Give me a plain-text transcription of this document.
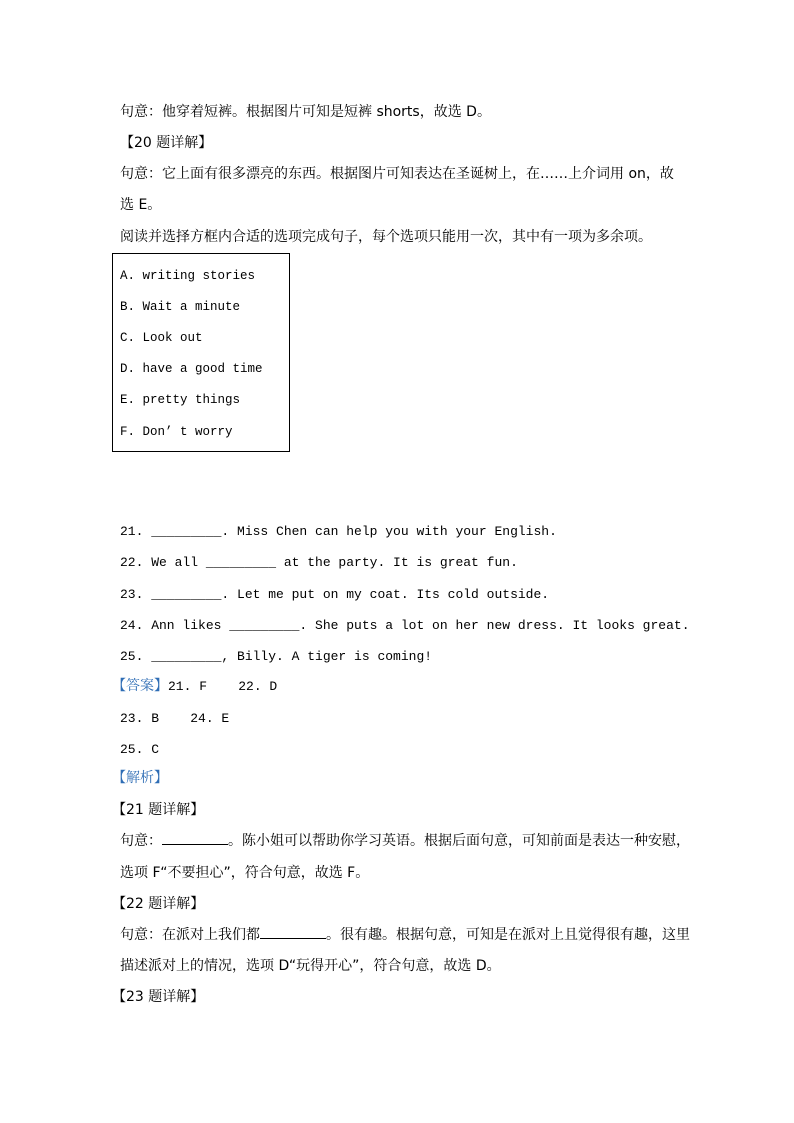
句意：他穿着短裤。根据图片可知是短裤 shorts，故选 D。
【20 题详解】
句意：它上面有很多漂亮的东西。根据图片可知表达在圣诞树上，在……上介词用 on，故
选 E。
阅读并选择方框内合适的选项完成句子，每个选项只能用一次，其中有一项为多余项。
A. writing stories
B. Wait a minute
C. Look out
D. have a good time
E. pretty things
F. Don’ t worry
21. _________. Miss Chen can help you with your English.
22. We all _________ at the party. It is great fun.
23. _________. Let me put on my coat. Its cold outside.
24. Ann likes _________. She puts a lot on her new dress. It looks great.
25. _________, Billy. A tiger is coming!
【答案】21. F    22. D
23. B    24. E
25. C
【解析】
【21 题详解】
句意：	。陈小姐可以帮助你学习英语。根据后面句意，可知前面是表达一种安慰，
选项 F“不要担心”，符合句意，故选 F。
【22 题详解】
句意：在派对上我们都	。很有趣。根据句意，可知是在派对上且觉得很有趣，这里
描述派对上的情况，选项 D“玩得开心”，符合句意，故选 D。
【23 题详解】
